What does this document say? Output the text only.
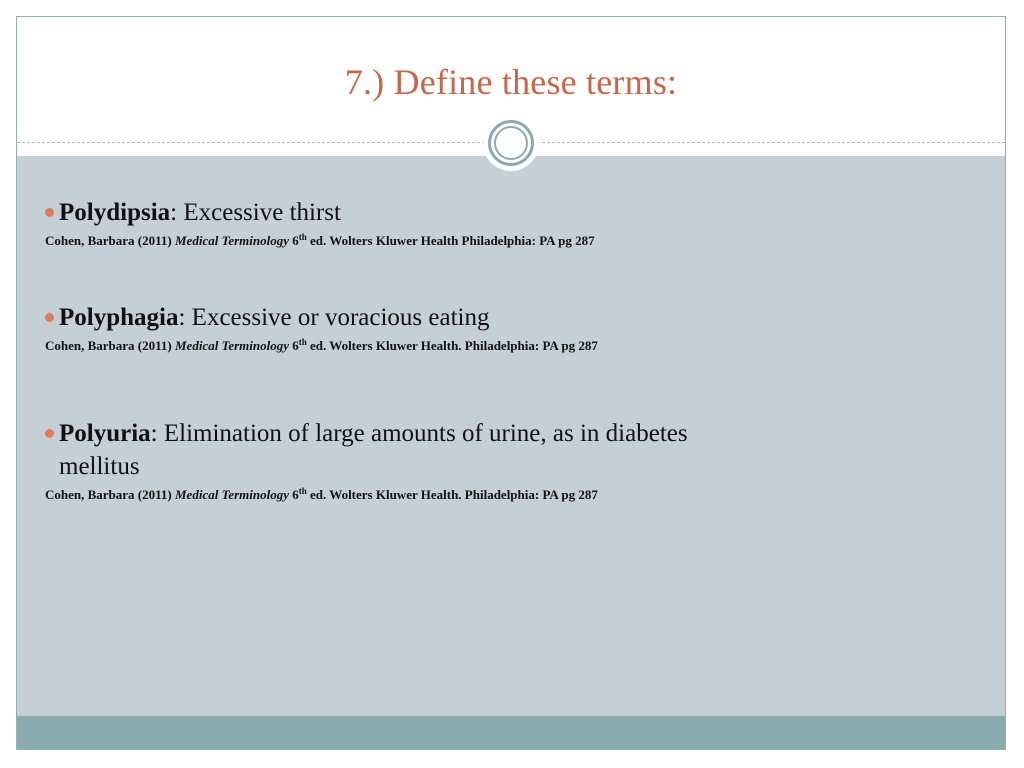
7.) Define these terms:
Polydipsia: Excessive thirst
Cohen, Barbara (2011) Medical Terminology 6th ed. Wolters Kluwer Health Philadelphia: PA pg 287
Polyphagia: Excessive or voracious eating
Cohen, Barbara (2011) Medical Terminology 6th ed. Wolters Kluwer Health. Philadelphia: PA pg 287
Polyuria: Elimination of large amounts of urine, as in diabetes
mellitus
Cohen, Barbara (2011) Medical Terminology 6th ed. Wolters Kluwer Health. Philadelphia: PA pg 287
